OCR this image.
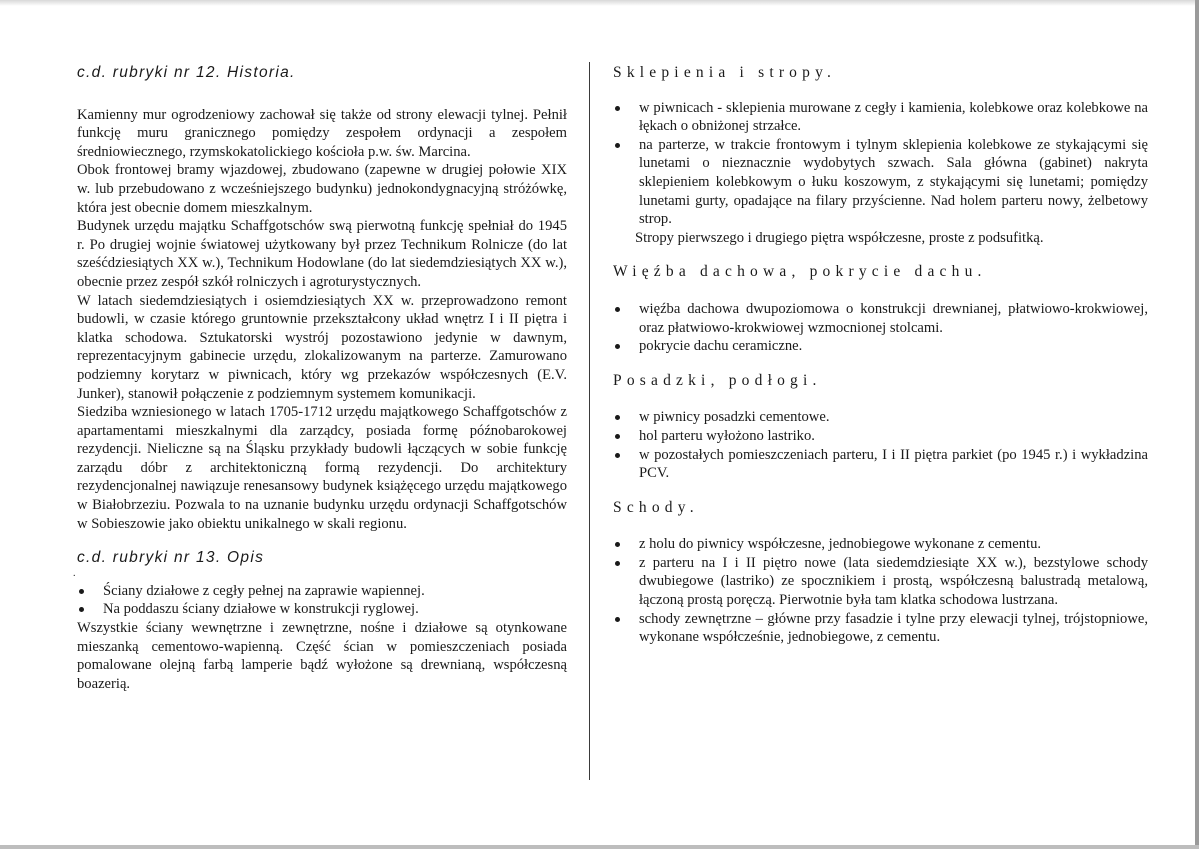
c.d. rubryki nr 12. Historia.

Kamienny mur ogrodzeniowy zachował się także od strony elewacji tylnej. Pełnił funkcję muru granicznego pomiędzy zespołem ordynacji a zespołem średniowiecznego, rzymskokatolickiego kościoła p.w. św. Marcina.

Obok frontowej bramy wjazdowej, zbudowano (zapewne w drugiej połowie XIX w. lub przebudowano z wcześniejszego budynku) jednokondygnacyjną stróżówkę, która jest obecnie domem mieszkalnym.

Budynek urzędu majątku Schaffgotschów swą pierwotną funkcję spełniał do 1945 r. Po drugiej wojnie światowej użytkowany był przez Technikum Rolnicze (do lat sześćdziesiątych XX w.), Technikum Hodowlane (do lat siedemdziesiątych XX w.), obecnie przez zespół szkół rolniczych i agroturystycznych.

W latach siedemdziesiątych i osiemdziesiątych XX w. przeprowadzono remont budowli, w czasie którego gruntownie przekształcony układ wnętrz I i II piętra i klatka schodowa. Sztukatorski wystrój pozostawiono jedynie w dawnym, reprezentacyjnym gabinecie urzędu, zlokalizowanym na parterze. Zamurowano podziemny korytarz w piwnicach, który wg przekazów współczesnych (E.V. Junker), stanowił połączenie z podziemnym systemem komunikacji.

Siedziba wzniesionego w latach 1705-1712 urzędu majątkowego Schaffgotschów z apartamentami mieszkalnymi dla zarządcy, posiada formę późnobarokowej rezydencji. Nieliczne są na Śląsku przykłady budowli łączących w sobie funkcję zarządu dóbr z architektoniczną formą rezydencji. Do architektury rezydencjonalnej nawiązuje renesansowy budynek książęcego urzędu majątkowego w Białobrzeziu. Pozwala to na uznanie budynku urzędu ordynacji Schaffgotschów w Sobieszowie jako obiektu unikalnego w skali regionu.

c.d. rubryki nr 13. Opis

.
Ściany działowe z cegły pełnej na zaprawie wapiennej.
Na poddaszu ściany działowe w konstrukcji ryglowej.

Wszystkie ściany wewnętrzne i zewnętrzne, nośne i działowe są otynkowane mieszanką cementowo-wapienną. Część ścian w pomieszczeniach posiada pomalowane olejną farbą lamperie bądź wyłożone są drewnianą, współczesną boazerią.

Sklepienia i stropy.

w piwnicach - sklepienia murowane z cegły i kamienia, kolebkowe oraz kolebkowe na łękach o obniżonej strzałce.
na parterze, w trakcie frontowym i tylnym sklepienia kolebkowe ze stykającymi się lunetami o nieznacznie wydobytych szwach. Sala główna (gabinet) nakryta sklepieniem kolebkowym o łuku koszowym, z stykającymi się lunetami; pomiędzy lunetami gurty, opadające na filary przyścienne. Nad holem parteru nowy, żelbetowy strop.

Stropy pierwszego i drugiego piętra współczesne, proste z podsufitką.

Więźba dachowa, pokrycie dachu.

więźba dachowa dwupoziomowa o konstrukcji drewnianej, płatwiowo-krokwiowej, oraz płatwiowo-krokwiowej wzmocnionej stolcami.
pokrycie dachu ceramiczne.

Posadzki, podłogi.

w piwnicy posadzki cementowe.
hol parteru wyłożono lastriko.
w pozostałych pomieszczeniach parteru, I i II piętra parkiet (po 1945 r.) i wykładzina PCV.

Schody.

z holu do piwnicy współczesne, jednobiegowe wykonane z cementu.
z parteru na I i II piętro nowe (lata siedemdziesiąte XX w.), bezstylowe schody dwubiegowe (lastriko) ze spocznikiem i prostą, współczesną balustradą metalową, łączoną prostą poręczą. Pierwotnie była tam klatka schodowa lustrzana.
schody zewnętrzne – główne przy fasadzie i tylne przy elewacji tylnej, trójstopniowe, wykonane współcześnie, jednobiegowe, z cementu.
